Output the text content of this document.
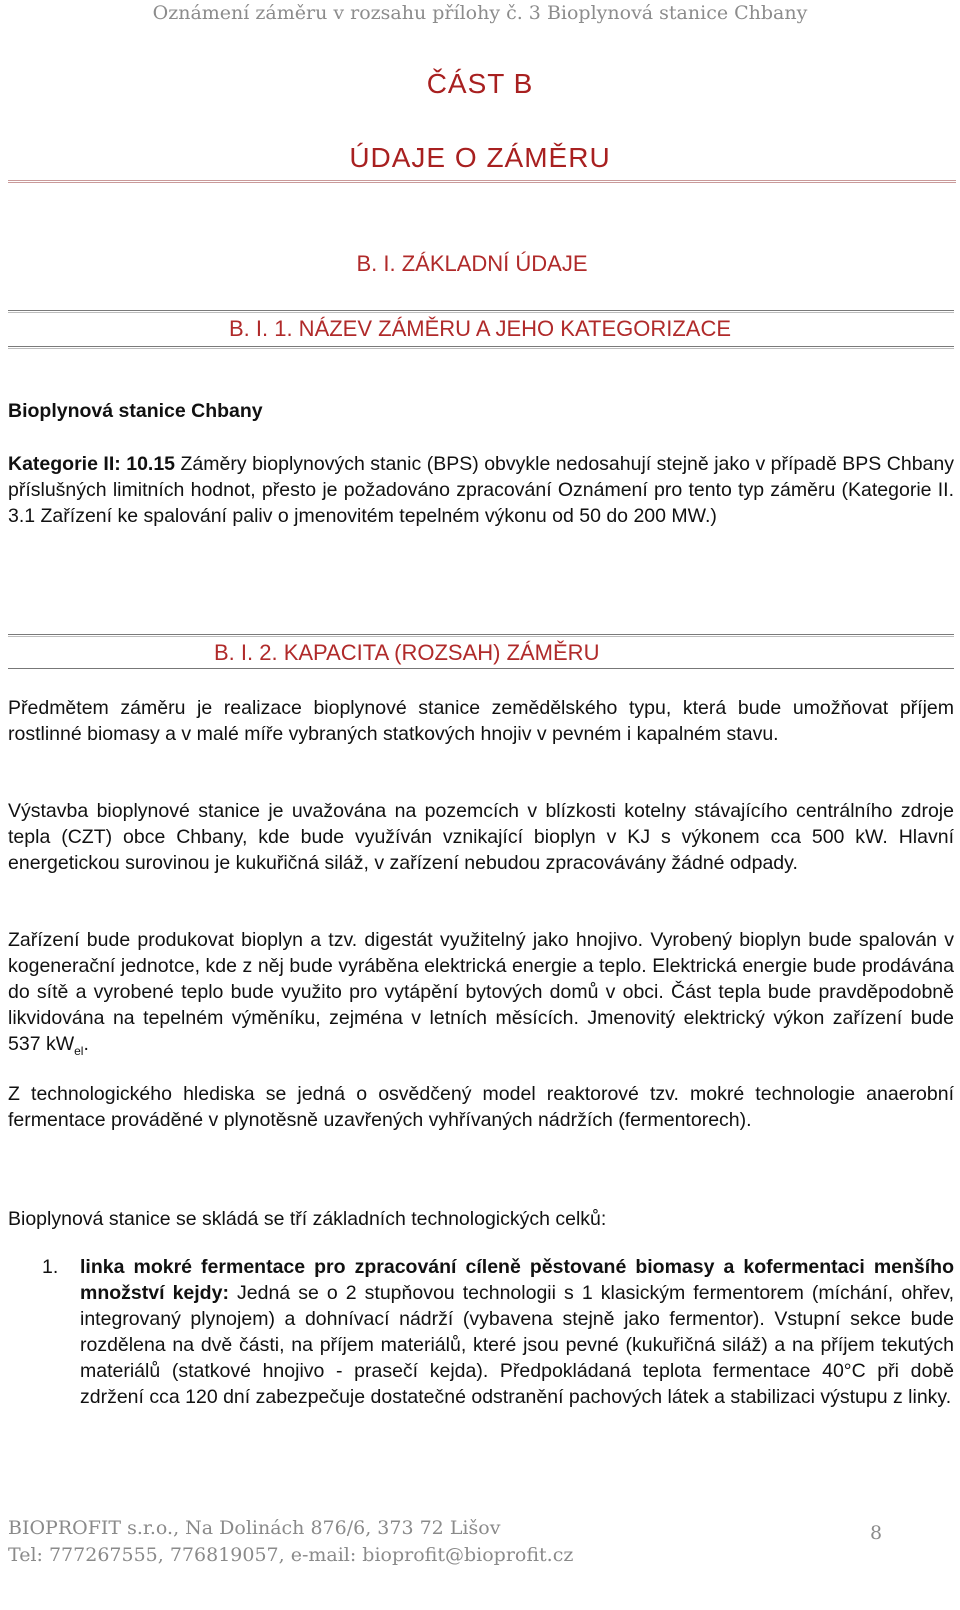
Oznámení záměru v rozsahu přílohy č. 3 Bioplynová stanice Chbany
ČÁST B
ÚDAJE O ZÁMĚRU
B. I. ZÁKLADNÍ ÚDAJE
B. I. 1. NÁZEV ZÁMĚRU A JEHO KATEGORIZACE
Bioplynová stanice Chbany
Kategorie II: 10.15 Záměry bioplynových stanic (BPS) obvykle nedosahují stejně jako v případě BPS Chbany příslušných limitních hodnot, přesto je požadováno zpracování Oznámení pro tento typ záměru (Kategorie II. 3.1 Zařízení ke spalování paliv o jmenovitém tepelném výkonu od 50 do 200 MW.)
B. I. 2. KAPACITA (ROZSAH) ZÁMĚRU
Předmětem záměru je realizace bioplynové stanice zemědělského typu, která bude umožňovat příjem rostlinné biomasy a v malé míře vybraných statkových hnojiv v pevném i kapalném stavu.
Výstavba bioplynové stanice je uvažována na pozemcích v blízkosti kotelny stávajícího centrálního zdroje tepla (CZT) obce Chbany, kde bude využíván vznikající bioplyn v KJ s výkonem cca 500 kW. Hlavní energetickou surovinou je kukuřičná siláž, v zařízení nebudou zpracovávány žádné odpady.
Zařízení bude produkovat bioplyn a tzv. digestát využitelný jako hnojivo. Vyrobený bioplyn bude spalován v kogenerační jednotce, kde z něj bude vyráběna elektrická energie a teplo. Elektrická energie bude prodávána do sítě a vyrobené teplo bude využito pro vytápění bytových domů v obci. Část tepla bude pravděpodobně likvidována na tepelném výměníku, zejména v letních měsících. Jmenovitý elektrický výkon zařízení bude 537 $kW_{el}$.
Z technologického hlediska se jedná o osvědčený model reaktorové tzv. mokré technologie anaerobní fermentace prováděné v plynotěsně uzavřených vyhřívaných nádržích (fermentorech).
Bioplynová stanice se skládá se tří základních technologických celků:
1. linka mokré fermentace pro zpracování cíleně pěstované biomasy a kofermentaci menšího množství kejdy: Jedná se o 2 stupňovou technologii s 1 klasickým fermentorem (míchání, ohřev, integrovaný plynojem) a dohnívací nádrží (vybavena stejně jako fermentor). Vstupní sekce bude rozdělena na dvě části, na příjem materiálů, které jsou pevné (kukuřičná siláž) a na příjem tekutých materiálů (statkové hnojivo - prasečí kejda). Předpokládaná teplota fermentace 40°C při době zdržení cca 120 dní zabezpečuje dostatečné odstranění pachových látek a stabilizaci výstupu z linky.
BIOPROFIT s.r.o., Na Dolinách 876/6, 373 72 Lišov	8
Tel: 777267555, 776819057, e-mail: bioprofit@bioprofit.cz
